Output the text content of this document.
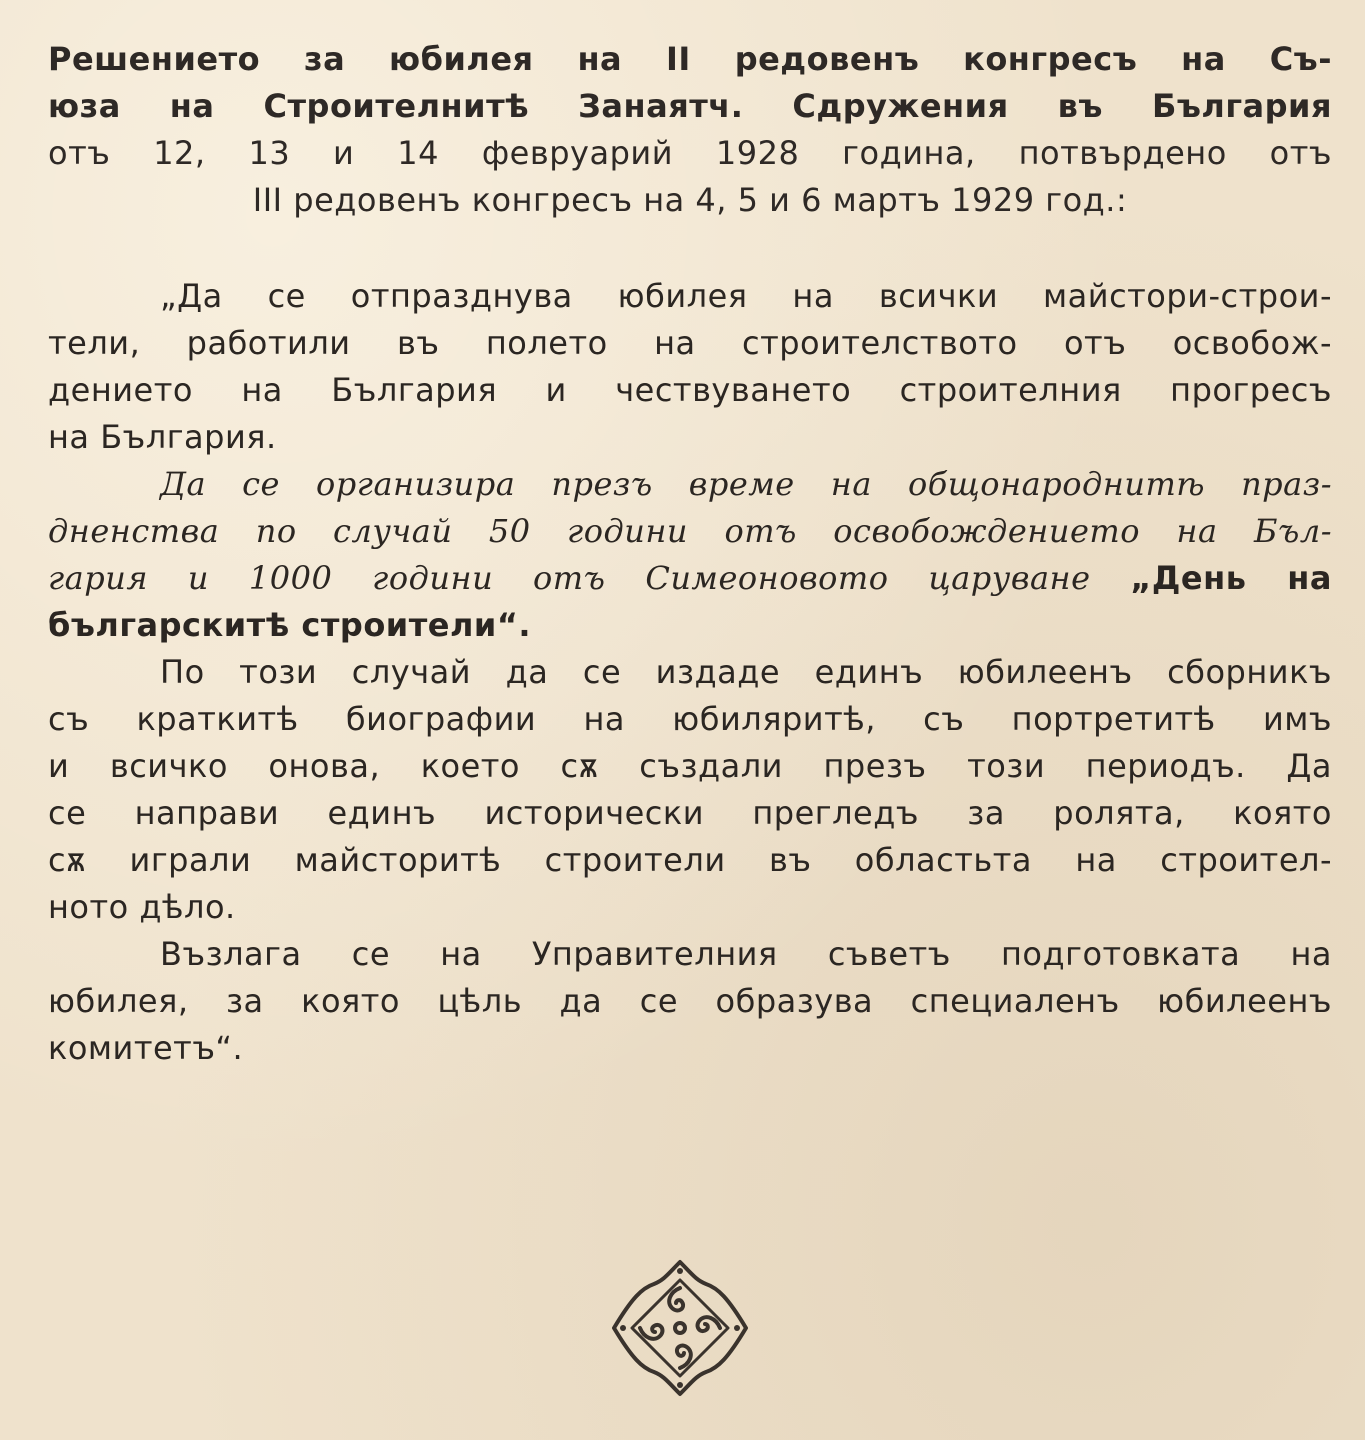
Решението за юбилея на II редовенъ конгресъ на Съ-
юза на Строителнитѣ Занаятч. Сдружения въ България
отъ 12, 13 и 14 февруарий 1928 година, потвърдено отъ
III редовенъ конгресъ на 4, 5 и 6 мартъ 1929 год.:
„Да се отпразднува юбилея на всички майстори-строи-
тели, работили въ полето на строителството отъ освобож-
дението на България и чествуването строителния прогресъ
на България.
Да се организира презъ време на общонароднитѣ праз-
дненства по случай 50 години отъ освобождението на Бъл-
гария и 1000 години отъ Симеоновото царуване „День на
българскитѣ строители“.
По този случай да се издаде единъ юбилеенъ сборникъ
съ краткитѣ биографии на юбиляритѣ, съ портретитѣ имъ
и всичко онова, което сѫ създали презъ този периодъ. Да
се направи единъ исторически прегледъ за ролята, която
сѫ играли майсторитѣ строители въ областьта на строител-
ното дѣло.
Възлага се на Управителния съветъ подготовката на
юбилея, за която цѣль да се образува специаленъ юбилеенъ
комитетъ“.
